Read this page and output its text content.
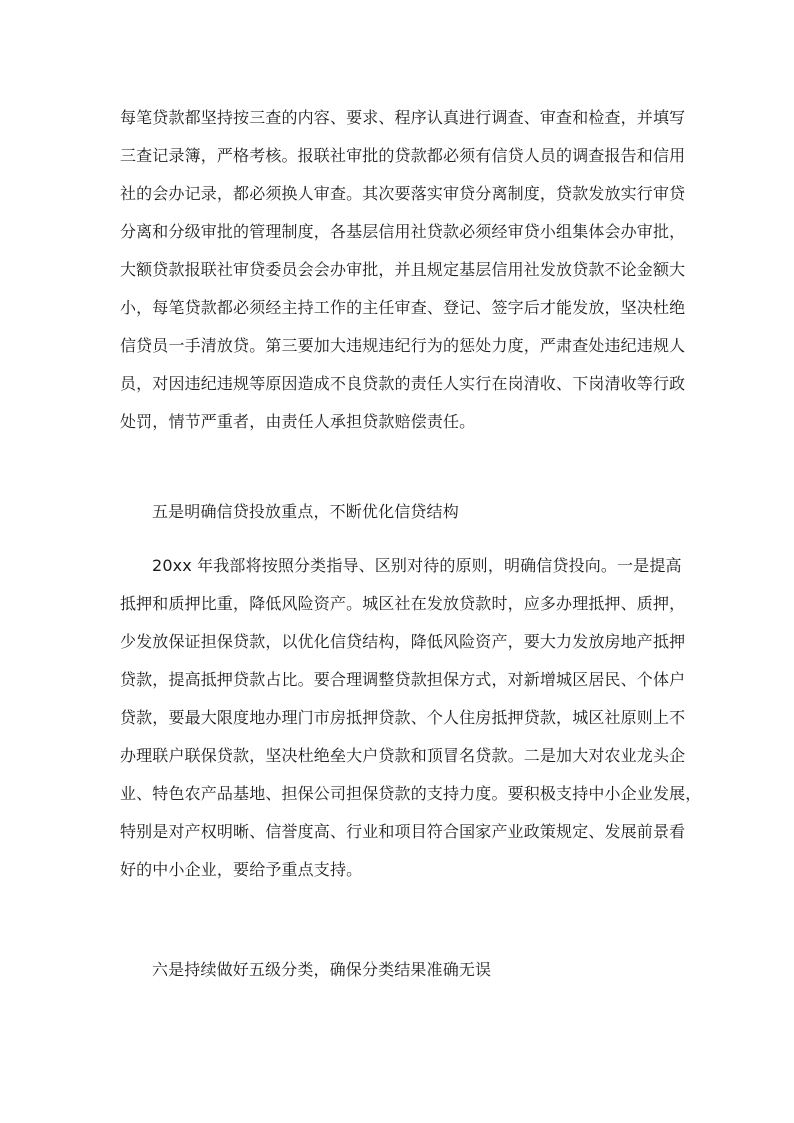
每笔贷款都坚持按三查的内容、要求、程序认真进行调查、审查和检查，并填写
三查记录簿，严格考核。报联社审批的贷款都必须有信贷人员的调查报告和信用
社的会办记录，都必须换人审查。其次要落实审贷分离制度，贷款发放实行审贷
分离和分级审批的管理制度，各基层信用社贷款必须经审贷小组集体会办审批，
大额贷款报联社审贷委员会会办审批，并且规定基层信用社发放贷款不论金额大
小，每笔贷款都必须经主持工作的主任审查、登记、签字后才能发放，坚决杜绝
信贷员一手清放贷。第三要加大违规违纪行为的惩处力度，严肃查处违纪违规人
员，对因违纪违规等原因造成不良贷款的责任人实行在岗清收、下岗清收等行政
处罚，情节严重者，由责任人承担贷款赔偿责任。
五是明确信贷投放重点，不断优化信贷结构
20xx 年我部将按照分类指导、区别对待的原则，明确信贷投向。一是提高
抵押和质押比重，降低风险资产。城区社在发放贷款时，应多办理抵押、质押，
少发放保证担保贷款，以优化信贷结构，降低风险资产，要大力发放房地产抵押
贷款，提高抵押贷款占比。要合理调整贷款担保方式，对新增城区居民、个体户
贷款，要最大限度地办理门市房抵押贷款、个人住房抵押贷款，城区社原则上不
办理联户联保贷款，坚决杜绝垒大户贷款和顶冒名贷款。二是加大对农业龙头企
业、特色农产品基地、担保公司担保贷款的支持力度。要积极支持中小企业发展，
特别是对产权明晰、信誉度高、行业和项目符合国家产业政策规定、发展前景看
好的中小企业，要给予重点支持。
六是持续做好五级分类，确保分类结果准确无误
